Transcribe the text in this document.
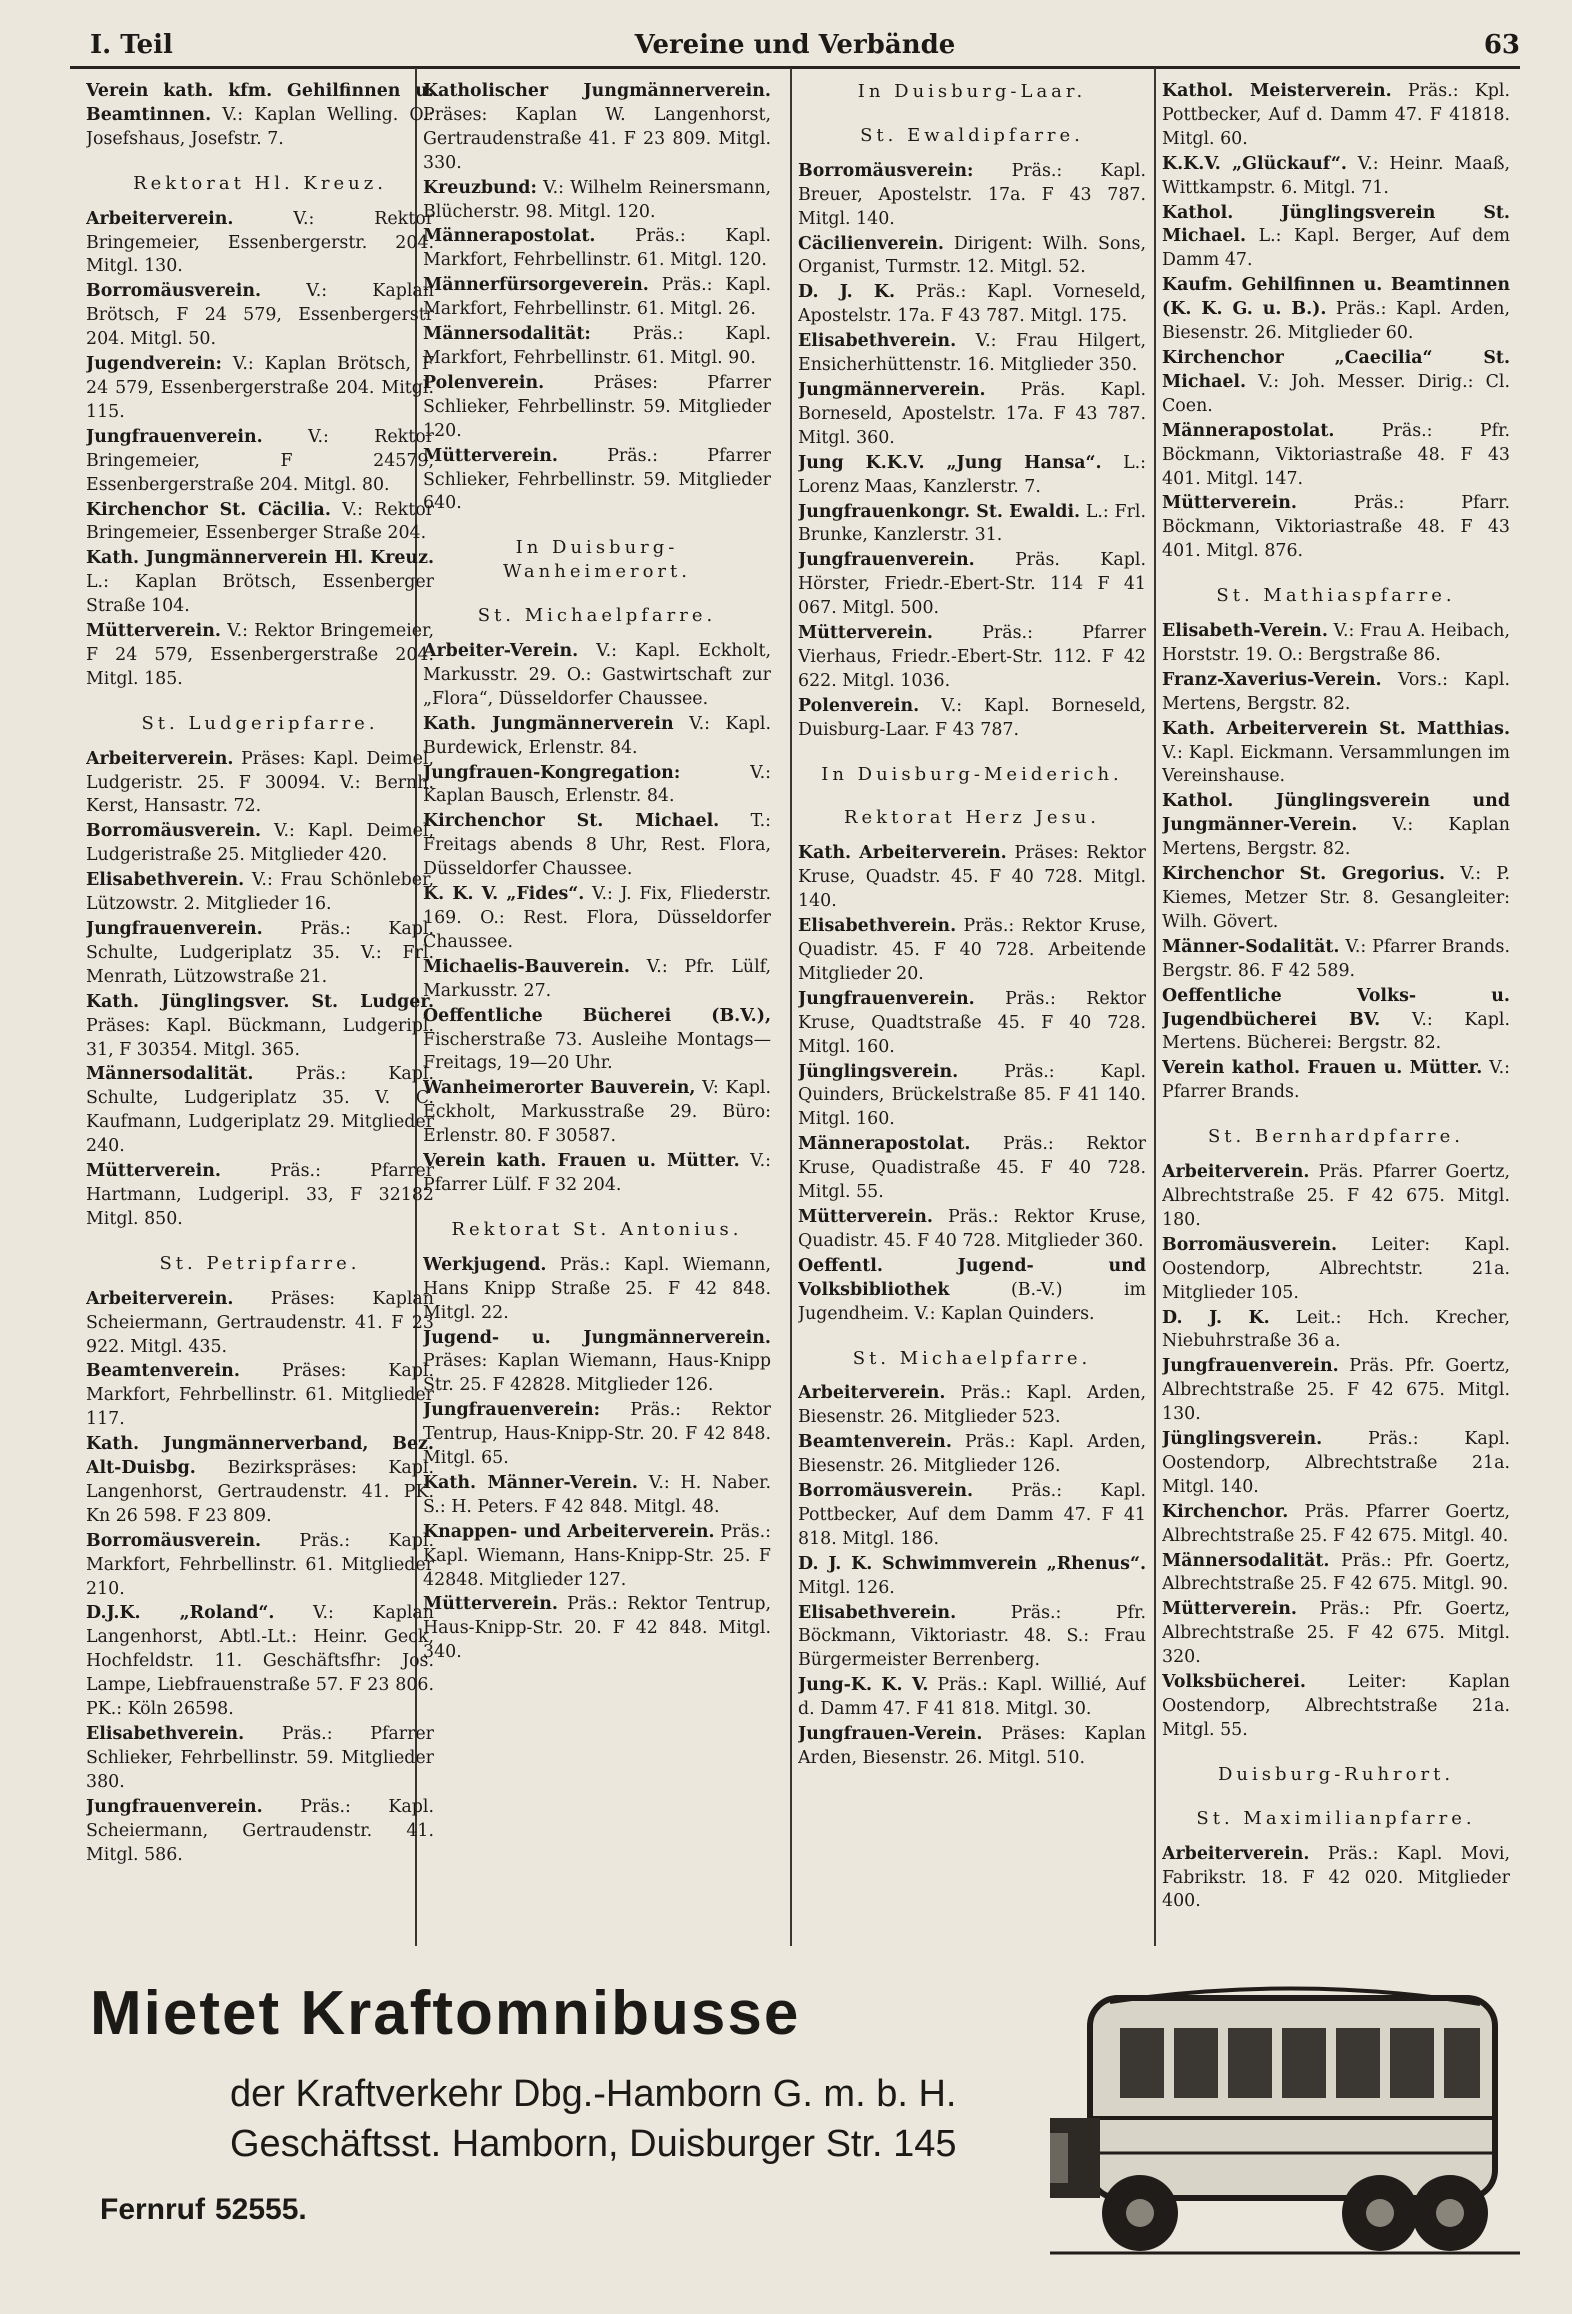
I. Teil	Vereine und Verbände	63
Verein kath. kfm. Gehilfinnen u. Beamtinnen. V.: Kaplan Welling. O.: Josefshaus, Josefstr. 7.
Rektorat Hl. Kreuz.
Arbeiterverein.	V.: Rektor Bringemeier, Essenbergerstr. 204. Mitgl. 130.
Borromäusverein.	V.: Kaplan Brötsch, F 24 579, Essenbergerstr 204. Mitgl. 50.
Jugendverein: V.: Kaplan Brötsch, F 24 579, Essenbergerstraße 204. Mitgl. 115.
Jungfrauenverein.	V.: Rektor Bringemeier, F 24579, Essenbergerstraße 204. Mitgl. 80.
Kirchenchor St. Cäcilia. V.: Rektor Bringemeier, Essenberger Straße 204.
Kath. Jungmännerverein Hl. Kreuz. L.: Kaplan Brötsch, Essenberger Straße 104.
Mütterverein. V.: Rektor Bringemeier, F 24 579, Essenbergerstraße 204. Mitgl. 185.
St. Ludgeripfarre.
Arbeiterverein. Präses: Kapl. Deimel, Ludgeristr. 25. F 30094. V.: Bernh. Kerst, Hansastr. 72.
Borromäusverein. V.: Kapl. Deimel, Ludgeristraße 25. Mitglieder 420.
Elisabethverein. V.: Frau Schönleber, Lützowstr. 2. Mitglieder 16.
Jungfrauenverein. Präs.: Kapl. Schulte, Ludgeriplatz 35. V.: Frl. Menrath, Lützowstraße 21.
Kath. Jünglingsver. St. Ludger. Präses: Kapl. Bückmann, Ludgeripl. 31, F 30354. Mitgl. 365.
Männersodalität. Präs.: Kapl. Schulte, Ludgeriplatz 35. V. C. Kaufmann, Ludgeriplatz 29. Mitglieder 240.
Mütterverein.	Präs.: Pfarrer Hartmann, Ludgeripl. 33, F 32182 Mitgl. 850.
St. Petripfarre.
Arbeiterverein. Präses: Kaplan Scheiermann, Gertraudenstr. 41. F 23 922. Mitgl. 435.
Beamtenverein. Präses: Kapl. Markfort, Fehrbellinstr. 61. Mitglieder 117.
Kath. Jungmännerverband, Bez. Alt-Duisbg. Bezirkspräses: Kapl. Langenhorst, Gertraudenstr. 41. PK. Kn 26 598. F 23 809.
Borromäusverein. Präs.: Kapl. Markfort, Fehrbellinstr. 61. Mitglieder 210.
D.J.K. „Roland“. V.: Kaplan Langenhorst, Abtl.-Lt.: Heinr. Geck, Hochfeldstr. 11. Geschäftsfhr: Jos. Lampe, Liebfrauenstraße 57. F 23 806. PK.: Köln 26598.
Elisabethverein. Präs.: Pfarrer Schlieker, Fehrbellinstr. 59. Mitglieder 380.
Jungfrauenverein. Präs.: Kapl. Scheiermann, Gertraudenstr. 41. Mitgl. 586.
Katholischer Jungmännerverein. Präses: Kaplan W. Langenhorst, Gertraudenstraße 41. F 23 809. Mitgl. 330.
Kreuzbund: V.: Wilhelm Reinersmann, Blücherstr. 98. Mitgl. 120.
Männerapostolat. Präs.: Kapl. Markfort, Fehrbellinstr. 61. Mitgl. 120.
Männerfürsorgeverein. Präs.: Kapl. Markfort, Fehrbellinstr. 61. Mitgl. 26.
Männersodalität: Präs.: Kapl. Markfort, Fehrbellinstr. 61. Mitgl. 90.
Polenverein.	Präses: Pfarrer Schlieker, Fehrbellinstr. 59. Mitglieder 120.
Mütterverein.	Präs.: Pfarrer Schlieker, Fehrbellinstr. 59. Mitglieder 640.
In Duisburg-Wanheimerort.
St. Michaelpfarre.
Arbeiter-Verein. V.: Kapl. Eckholt, Markusstr. 29. O.: Gastwirtschaft zur „Flora“, Düsseldorfer Chaussee.
Kath. Jungmännerverein V.: Kapl. Burdewick, Erlenstr. 84.
Jungfrauen-Kongregation:	V.: Kaplan Bausch, Erlenstr. 84.
Kirchenchor St. Michael. T.: Freitags abends 8 Uhr, Rest. Flora, Düsseldorfer Chaussee.
K. K. V. „Fides“. V.: J. Fix, Fliederstr. 169. O.: Rest. Flora, Düsseldorfer Chaussee.
Michaelis-Bauverein. V.: Pfr. Lülf, Markusstr. 27.
Oeffentliche Bücherei (B.V.), Fischerstraße 73. Ausleihe Montags—Freitags, 19—20 Uhr.
Wanheimerorter Bauverein, V: Kapl. Eckholt, Markusstraße 29. Büro: Erlenstr. 80. F 30587.
Verein kath. Frauen u. Mütter. V.: Pfarrer Lülf. F 32 204.
Rektorat St. Antonius.
Werkjugend. Präs.: Kapl. Wiemann, Hans Knipp Straße 25. F 42 848. Mitgl. 22.
Jugend- u. Jungmännerverein. Präses: Kaplan Wiemann, Haus-Knipp Str. 25. F 42828. Mitglieder 126.
Jungfrauenverein: Präs.: Rektor Tentrup, Haus-Knipp-Str. 20. F 42 848. Mitgl. 65.
Kath. Männer-Verein. V.: H. Naber. S.: H. Peters. F 42 848. Mitgl. 48.
Knappen- und Arbeiterverein. Präs.: Kapl. Wiemann, Hans-Knipp-Str. 25. F 42848. Mitglieder 127.
Mütterverein. Präs.: Rektor Tentrup, Haus-Knipp-Str. 20. F 42 848. Mitgl. 340.
In Duisburg-Laar.
St. Ewaldipfarre.
Borromäusverein: Präs.: Kapl. Breuer, Apostelstr. 17a. F 43 787. Mitgl. 140.
Cäcilienverein. Dirigent: Wilh. Sons, Organist, Turmstr. 12. Mitgl. 52.
D. J. K. Präs.: Kapl. Vorneseld, Apostelstr. 17a. F 43 787. Mitgl. 175.
Elisabethverein. V.: Frau Hilgert, Ensicherhüttenstr. 16. Mitglieder 350.
Jungmännerverein. Präs. Kapl. Borneseld, Apostelstr. 17a. F 43 787. Mitgl. 360.
Jung K.K.V. „Jung Hansa“. L.: Lorenz Maas, Kanzlerstr. 7.
Jungfrauenkongr. St. Ewaldi. L.: Frl. Brunke, Kanzlerstr. 31.
Jungfrauenverein. Präs. Kapl. Hörster, Friedr.-Ebert-Str. 114 F 41 067. Mitgl. 500.
Mütterverein.	Präs.: Pfarrer Vierhaus, Friedr.-Ebert-Str. 112. F 42 622. Mitgl. 1036.
Polenverein. V.: Kapl. Borneseld, Duisburg-Laar. F 43 787.
In Duisburg-Meiderich.
Rektorat Herz Jesu.
Kath. Arbeiterverein. Präses: Rektor Kruse, Quadstr. 45. F 40 728. Mitgl. 140.
Elisabethverein. Präs.: Rektor Kruse, Quadistr. 45. F 40 728. Arbeitende Mitglieder 20.
Jungfrauenverein. Präs.: Rektor Kruse, Quadtstraße 45. F 40 728. Mitgl. 160.
Jünglingsverein.	Präs.: Kapl. Quinders, Brückelstraße 85. F 41 140. Mitgl. 160.
Männerapostolat. Präs.: Rektor Kruse, Quadistraße 45. F 40 728. Mitgl. 55.
Mütterverein. Präs.: Rektor Kruse, Quadistr. 45. F 40 728. Mitglieder 360.
Oeffentl. Jugend- und Volksbibliothek	(B.-V.) im Jugendheim. V.: Kaplan Quinders.
St. Michaelpfarre.
Arbeiterverein. Präs.: Kapl. Arden, Biesenstr. 26. Mitglieder 523.
Beamtenverein. Präs.: Kapl. Arden, Biesenstr. 26. Mitglieder 126.
Borromäusverein. Präs.: Kapl. Pottbecker, Auf dem Damm 47. F 41 818. Mitgl. 186.
D. J. K. Schwimmverein „Rhenus“. Mitgl. 126.
Elisabethverein.	Präs.: Pfr. Böckmann, Viktoriastr. 48. S.: Frau Bürgermeister Berrenberg.
Jung-K. K. V. Präs.: Kapl. Willié, Auf d. Damm 47. F 41 818. Mitgl. 30.
Jungfrauen-Verein. Präses: Kaplan Arden, Biesenstr. 26. Mitgl. 510.
Kathol. Meisterverein. Präs.: Kpl. Pottbecker, Auf d. Damm 47. F 41818. Mitgl. 60.
K.K.V. „Glückauf“. V.: Heinr. Maaß, Wittkampstr. 6. Mitgl. 71.
Kathol. Jünglingsverein St. Michael. L.: Kapl. Berger, Auf dem Damm 47.
Kaufm. Gehilfinnen u. Beamtinnen (K. K. G. u. B.). Präs.: Kapl. Arden, Biesenstr. 26. Mitglieder 60.
Kirchenchor „Caecilia“ St. Michael. V.: Joh. Messer. Dirig.: Cl. Coen.
Männerapostolat.	Präs.: Pfr. Böckmann, Viktoriastraße 48. F 43 401. Mitgl. 147.
Mütterverein.	Präs.: Pfarr. Böckmann, Viktoriastraße 48. F 43 401. Mitgl. 876.
St. Mathiaspfarre.
Elisabeth-Verein. V.: Frau A. Heibach, Horststr. 19. O.: Bergstraße 86.
Franz-Xaverius-Verein. Vors.: Kapl. Mertens, Bergstr. 82.
Kath. Arbeiterverein St. Matthias. V.: Kapl. Eickmann. Versammlungen im Vereinshause.
Kathol. Jünglingsverein und Jungmänner-Verein. V.: Kaplan Mertens, Bergstr. 82.
Kirchenchor St. Gregorius. V.: P. Kiemes, Metzer Str. 8. Gesangleiter: Wilh. Gövert.
Männer-Sodalität. V.: Pfarrer Brands. Bergstr. 86. F 42 589.
Oeffentliche Volks- u. Jugendbücherei BV. V.: Kapl. Mertens. Bücherei: Bergstr. 82.
Verein kathol. Frauen u. Mütter. V.: Pfarrer Brands.
St. Bernhardpfarre.
Arbeiterverein. Präs. Pfarrer Goertz, Albrechtstraße 25. F 42 675. Mitgl. 180.
Borromäusverein. Leiter: Kapl. Oostendorp, Albrechtstr. 21a. Mitglieder 105.
D. J. K. Leit.: Hch. Krecher, Niebuhrstraße 36 a.
Jungfrauenverein. Präs. Pfr. Goertz, Albrechtstraße 25. F 42 675. Mitgl. 130.
Jünglingsverein.	Präs.: Kapl. Oostendorp, Albrechtstraße 21a. Mitgl. 140.
Kirchenchor. Präs. Pfarrer Goertz, Albrechtstraße 25. F 42 675. Mitgl. 40.
Männersodalität. Präs.: Pfr. Goertz, Albrechtstraße 25. F 42 675. Mitgl. 90.
Mütterverein. Präs.: Pfr. Goertz, Albrechtstraße 25. F 42 675. Mitgl. 320.
Volksbücherei. Leiter: Kaplan Oostendorp, Albrechtstraße 21a. Mitgl. 55.
Duisburg-Ruhrort.
St. Maximilianpfarre.
Arbeiterverein. Präs.: Kapl. Movi, Fabrikstr. 18. F 42 020. Mitglieder 400.
Mietet Kraftomnibusse
der Kraftverkehr Dbg.-Hamborn G. m. b. H.
Geschäftsst. Hamborn, Duisburger Str. 145
Fernruf 52555.
